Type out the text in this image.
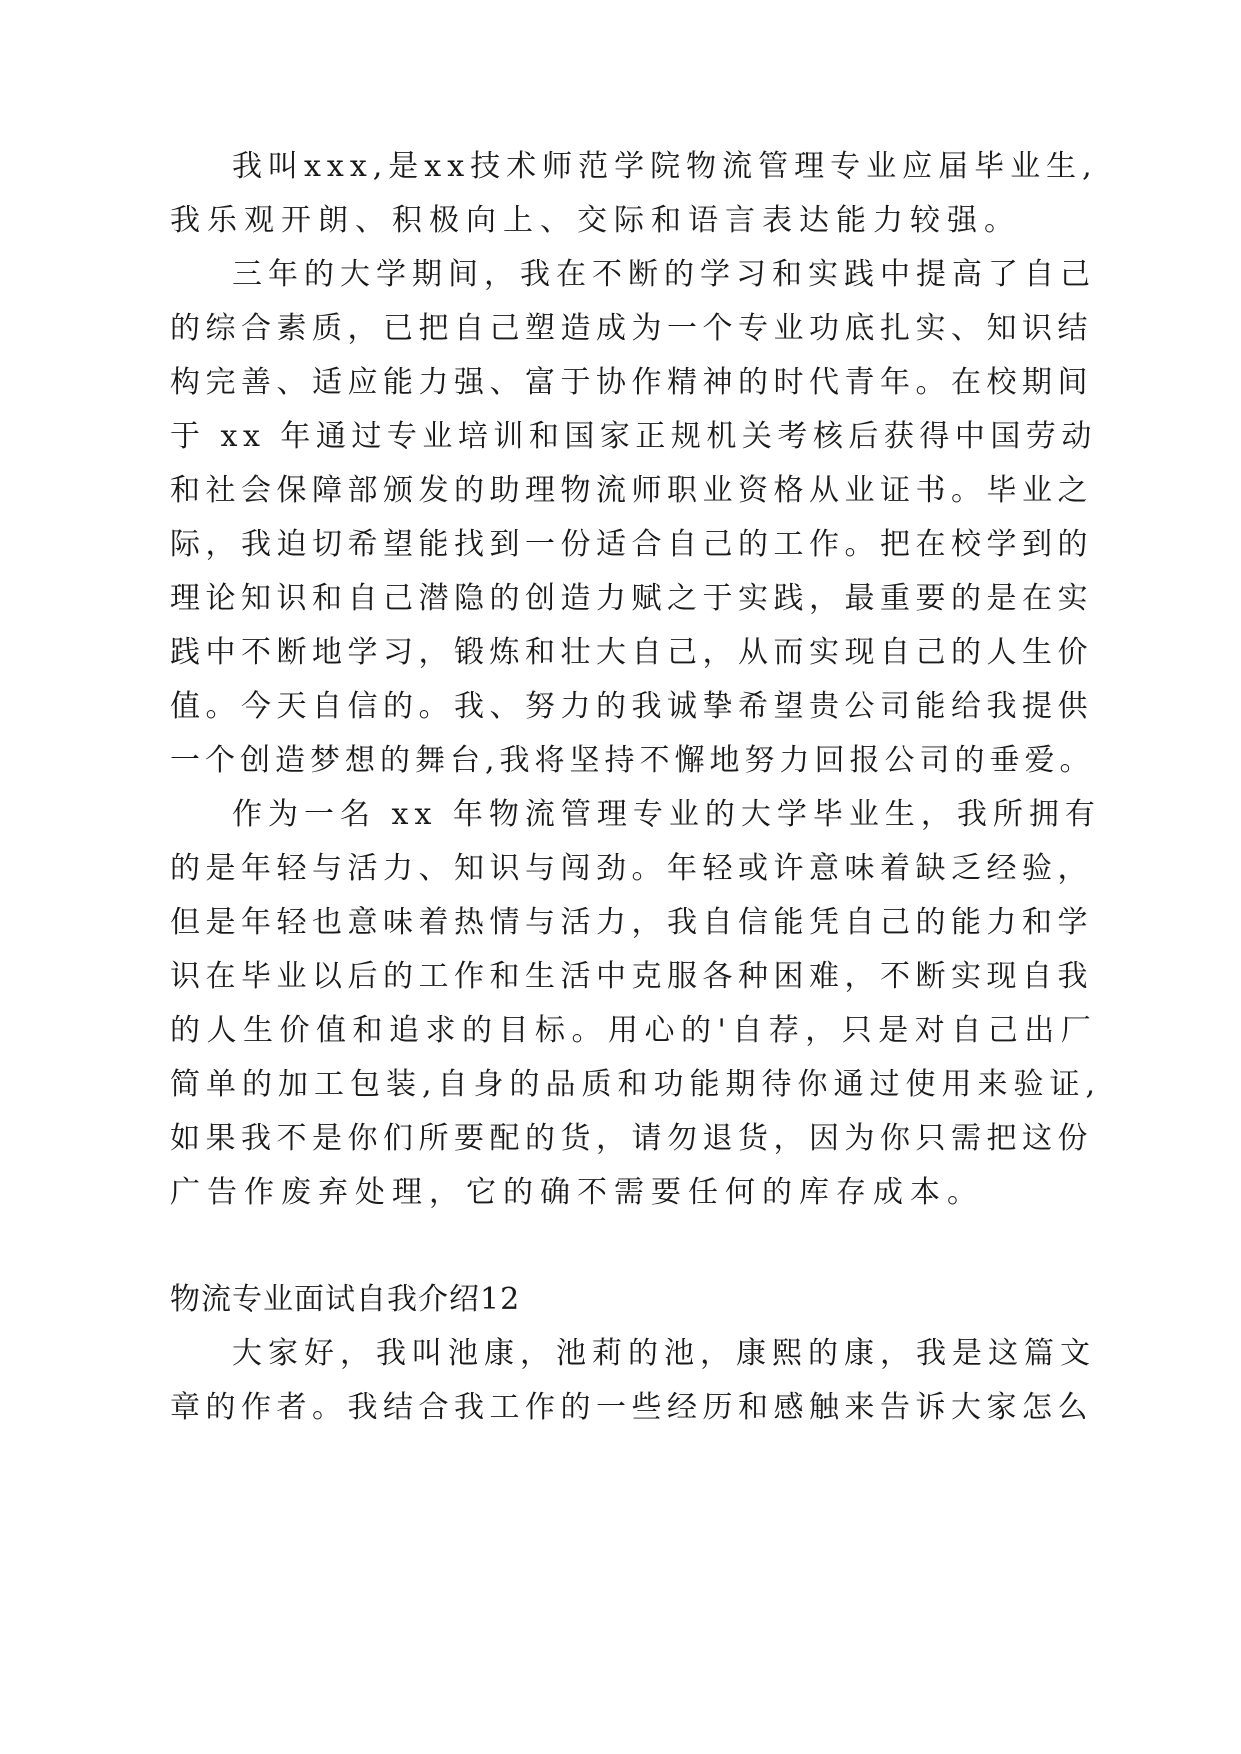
我叫xxx,是xx技术师范学院物流管理专业应届毕业生,

我乐观开朗、积极向上、交际和语言表达能力较强。

三年的大学期间，我在不断的学习和实践中提高了自己

的综合素质，已把自己塑造成为一个专业功底扎实、知识结

构完善、适应能力强、富于协作精神的时代青年。在校期间

于 xx 年通过专业培训和国家正规机关考核后获得中国劳动

和社会保障部颁发的助理物流师职业资格从业证书。毕业之

际，我迫切希望能找到一份适合自己的工作。把在校学到的

理论知识和自己潜隐的创造力赋之于实践，最重要的是在实

践中不断地学习，锻炼和壮大自己，从而实现自己的人生价

值。今天自信的。我、努力的我诚挚希望贵公司能给我提供

一个创造梦想的舞台,我将坚持不懈地努力回报公司的垂爱。

作为一名 xx 年物流管理专业的大学毕业生，我所拥有

的是年轻与活力、知识与闯劲。年轻或许意味着缺乏经验，

但是年轻也意味着热情与活力，我自信能凭自己的能力和学

识在毕业以后的工作和生活中克服各种困难，不断实现自我

的人生价值和追求的目标。用心的'自荐，只是对自己出厂

简单的加工包装,自身的品质和功能期待你通过使用来验证,

如果我不是你们所要配的货，请勿退货，因为你只需把这份

广告作废弃处理，它的确不需要任何的库存成本。

物流专业面试自我介绍12

大家好，我叫池康，池莉的池，康熙的康，我是这篇文

章的作者。我结合我工作的一些经历和感触来告诉大家怎么
